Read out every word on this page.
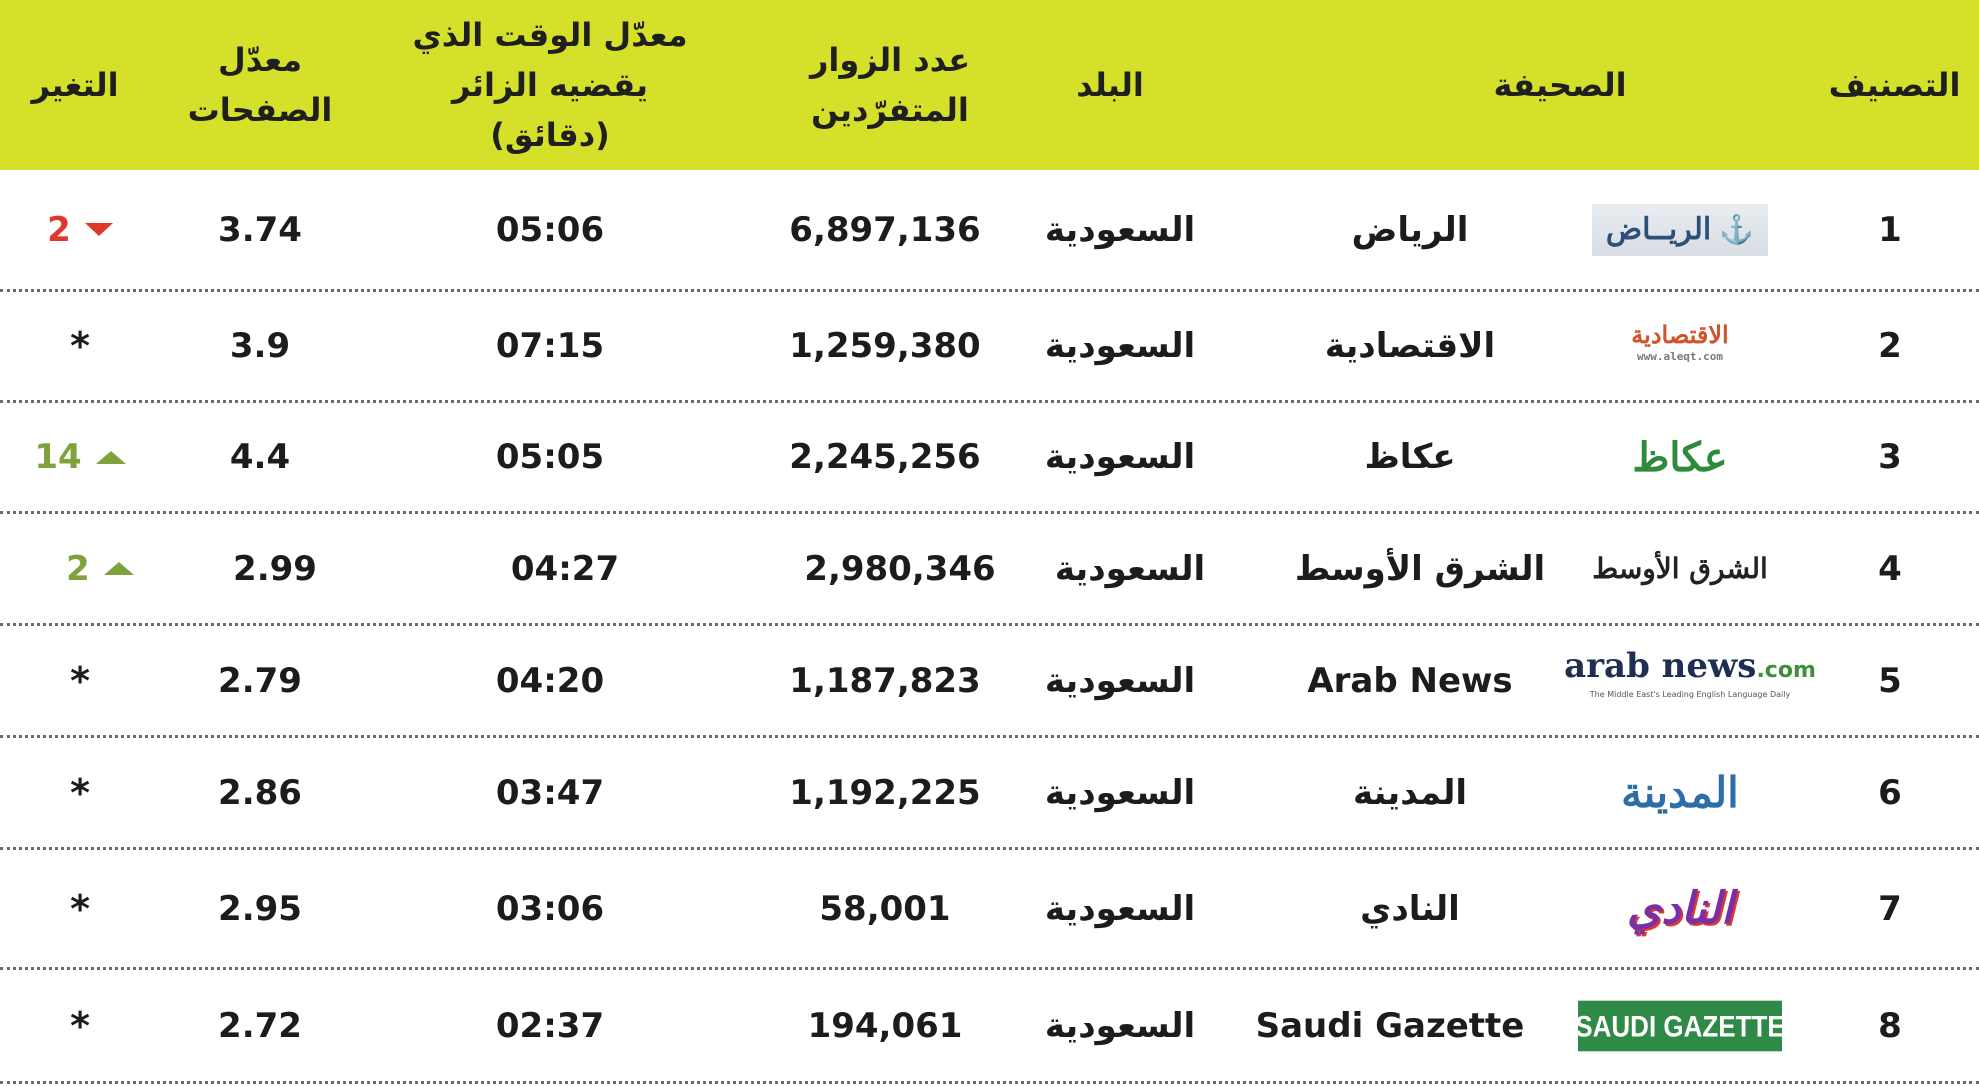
التصنيف
الصحيفة
البلد
عدد الزوار
المتفرّدين
معدّل الوقت الذي
يقضيه الزائر (دقائق)
معدّل
الصفحات
التغير
1
⚓
الريــاض
الرياض
السعودية
6,897,136
05:06
3.74
2
2
الاقتصادية
www.aleqt.com
الاقتصادية
السعودية
1,259,380
07:15
3.9
*
3
عكاظ
عكاظ
السعودية
2,245,256
05:05
4.4
14
4
الشرق الأوسط
الشرق الأوسط
السعودية
2,980,346
04:27
2.99
2
5
arab news.com
The Middle East's Leading English Language Daily
Arab News
السعودية
1,187,823
04:20
2.79
*
6
المدينة
المدينة
السعودية
1,192,225
03:47
2.86
*
7
النادي
النادي
السعودية
58,001
03:06
2.95
*
8
SAUDI GAZETTE
Saudi Gazette
السعودية
194,061
02:37
2.72
*
